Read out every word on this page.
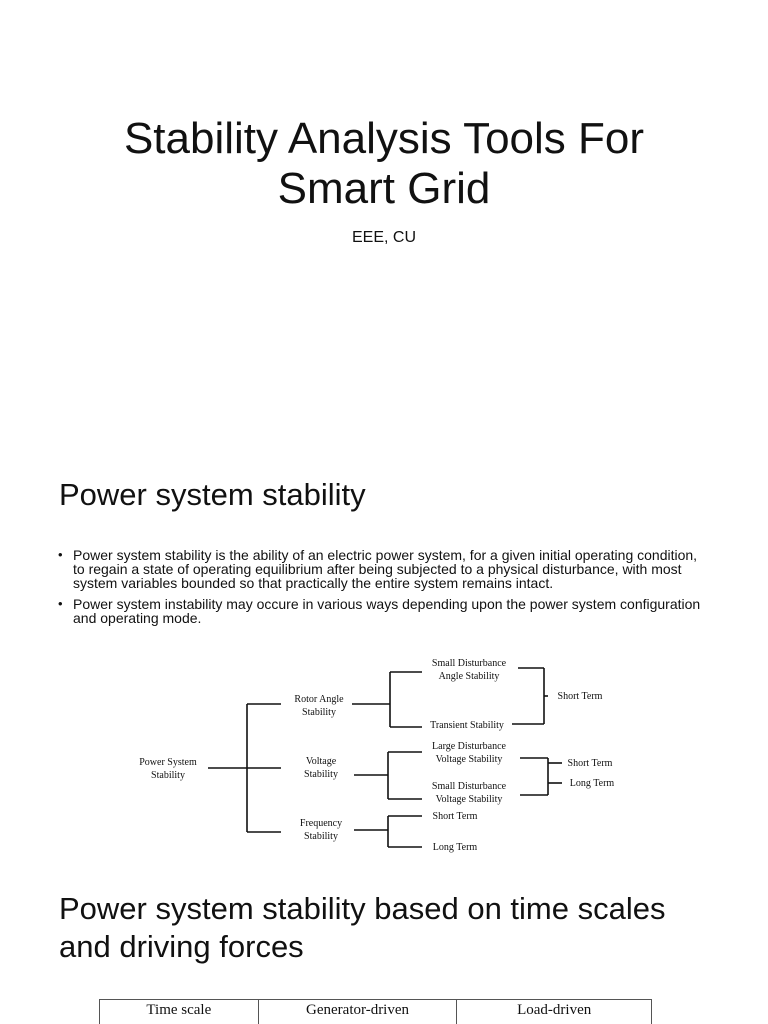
Stability Analysis Tools For
Smart Grid
EEE, CU
Power system stability
• Power system stability is the ability of an electric power system, for a given initial operating condition, to regain a state of operating equilibrium after being subjected to a physical disturbance, with most system variables bounded so that practically the entire system remains intact.
• Power system instability may occure in various ways depending upon the power system configuration and operating mode.
Power System
Stability
Rotor Angle
Stability
Voltage
Stability
Frequency
Stability
Small Disturbance
Angle Stability
Transient Stability
Short Term
Large Disturbance
Voltage Stability
Small Disturbance
Voltage Stability
Short Term
Long Term
Short Term
Long Term
Power system stability based on time scales and driving forces
Time scale	Generator-driven	Load-driven
